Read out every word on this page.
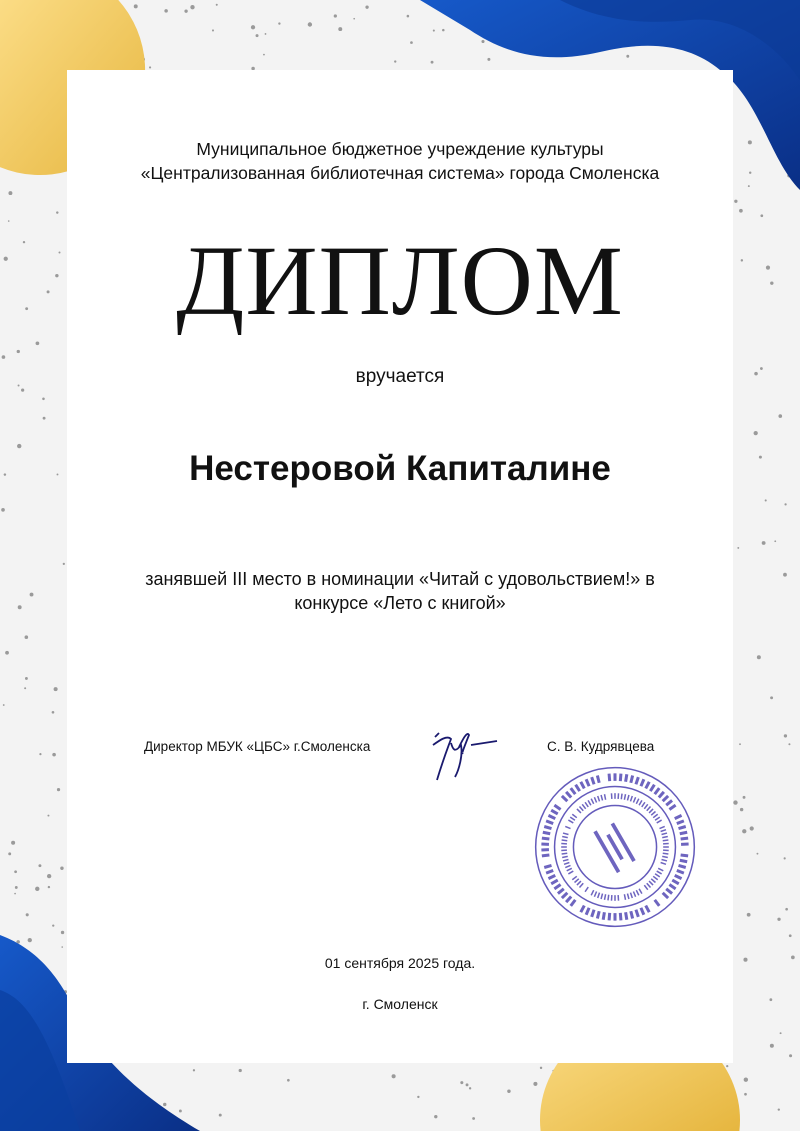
Муниципальное бюджетное учреждение культуры
«Централизованная библиотечная система» города Смоленска
ДИПЛОМ
вручается
Нестеровой Капиталине
занявшей III место в номинации «Читай с удовольствием!» в
конкурсе «Лето с книгой»
Директор МБУК «ЦБС» г.Смоленска	С. В. Кудрявцева
01 сентября 2025 года.
г. Смоленск
